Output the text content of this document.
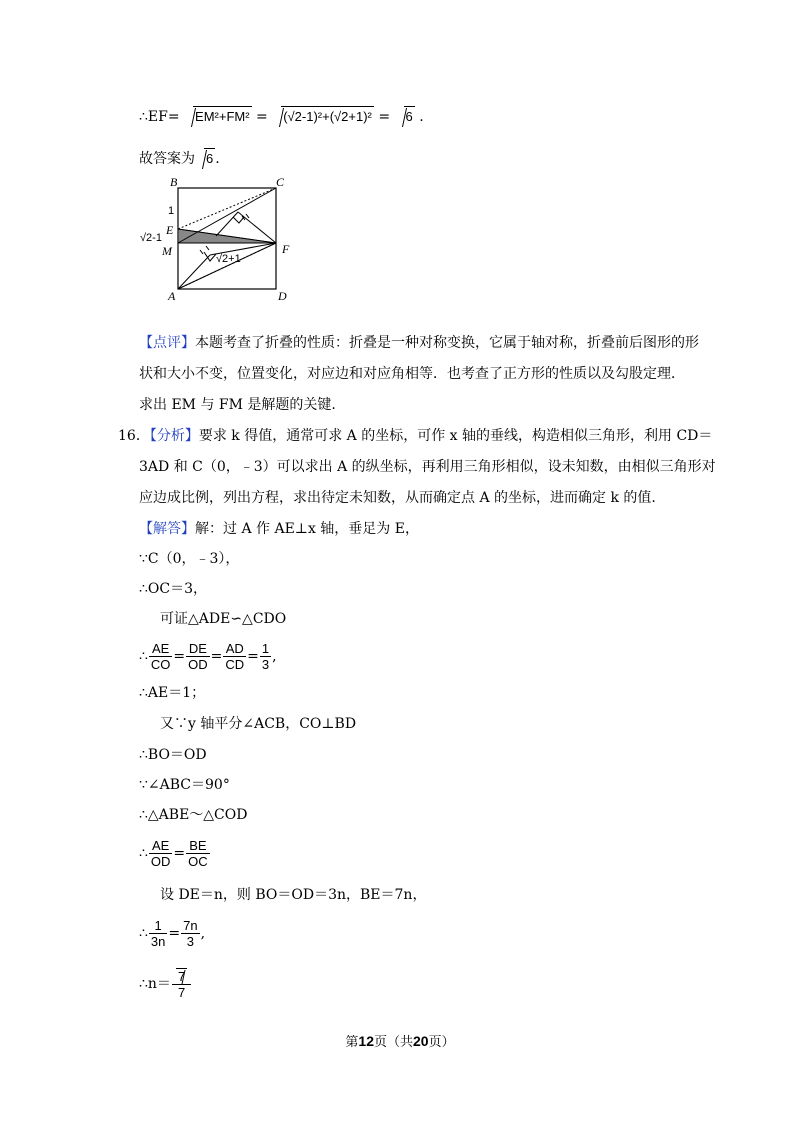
∴EF= EM²+FM² = (√2-1)²+(√2+1)² = 6 .
故答案为 6 .
B	C
E
M
A	D
F
1
√2-1
√2+1
【点评】本题考查了折叠的性质：折叠是一种对称变换，它属于轴对称，折叠前后图形的形
状和大小不变，位置变化，对应边和对应角相等．也考查了正方形的性质以及勾股定理．
求出 EM 与 FM 是解题的关键.
16．【分析】要求 k 得值，通常可求 A 的坐标，可作 x 轴的垂线，构造相似三角形，利用 CD＝
3AD 和 C（0，﹣3）可以求出 A 的纵坐标，再利用三角形相似，设未知数，由相似三角形对
应边成比例，列出方程，求出待定未知数，从而确定点 A 的坐标，进而确定 k 的值.
【解答】解：过 A 作 AE⊥x 轴，垂足为 E，
∵C（0，﹣3），
∴OC＝3，
可证△ADE∽△CDO
∴ $\frac{AE}{CO} = \frac{DE}{OD} = \frac{AD}{CD} = \frac{1}{3}$ ,
∴AE＝1；
又∵y 轴平分∠ACB，CO⊥BD
∴BO＝OD
∵∠ABC＝90°
∴△ABE～△COD
∴ $\frac{AE}{OD} = \frac{BE}{OC}$
设 DE＝n，则 BO＝OD＝3n，BE＝7n，
∴ $\frac{1}{3n} = \frac{7n}{3}$ ,
∴n＝ $\frac{7}{7}$
第12页（共20页）
